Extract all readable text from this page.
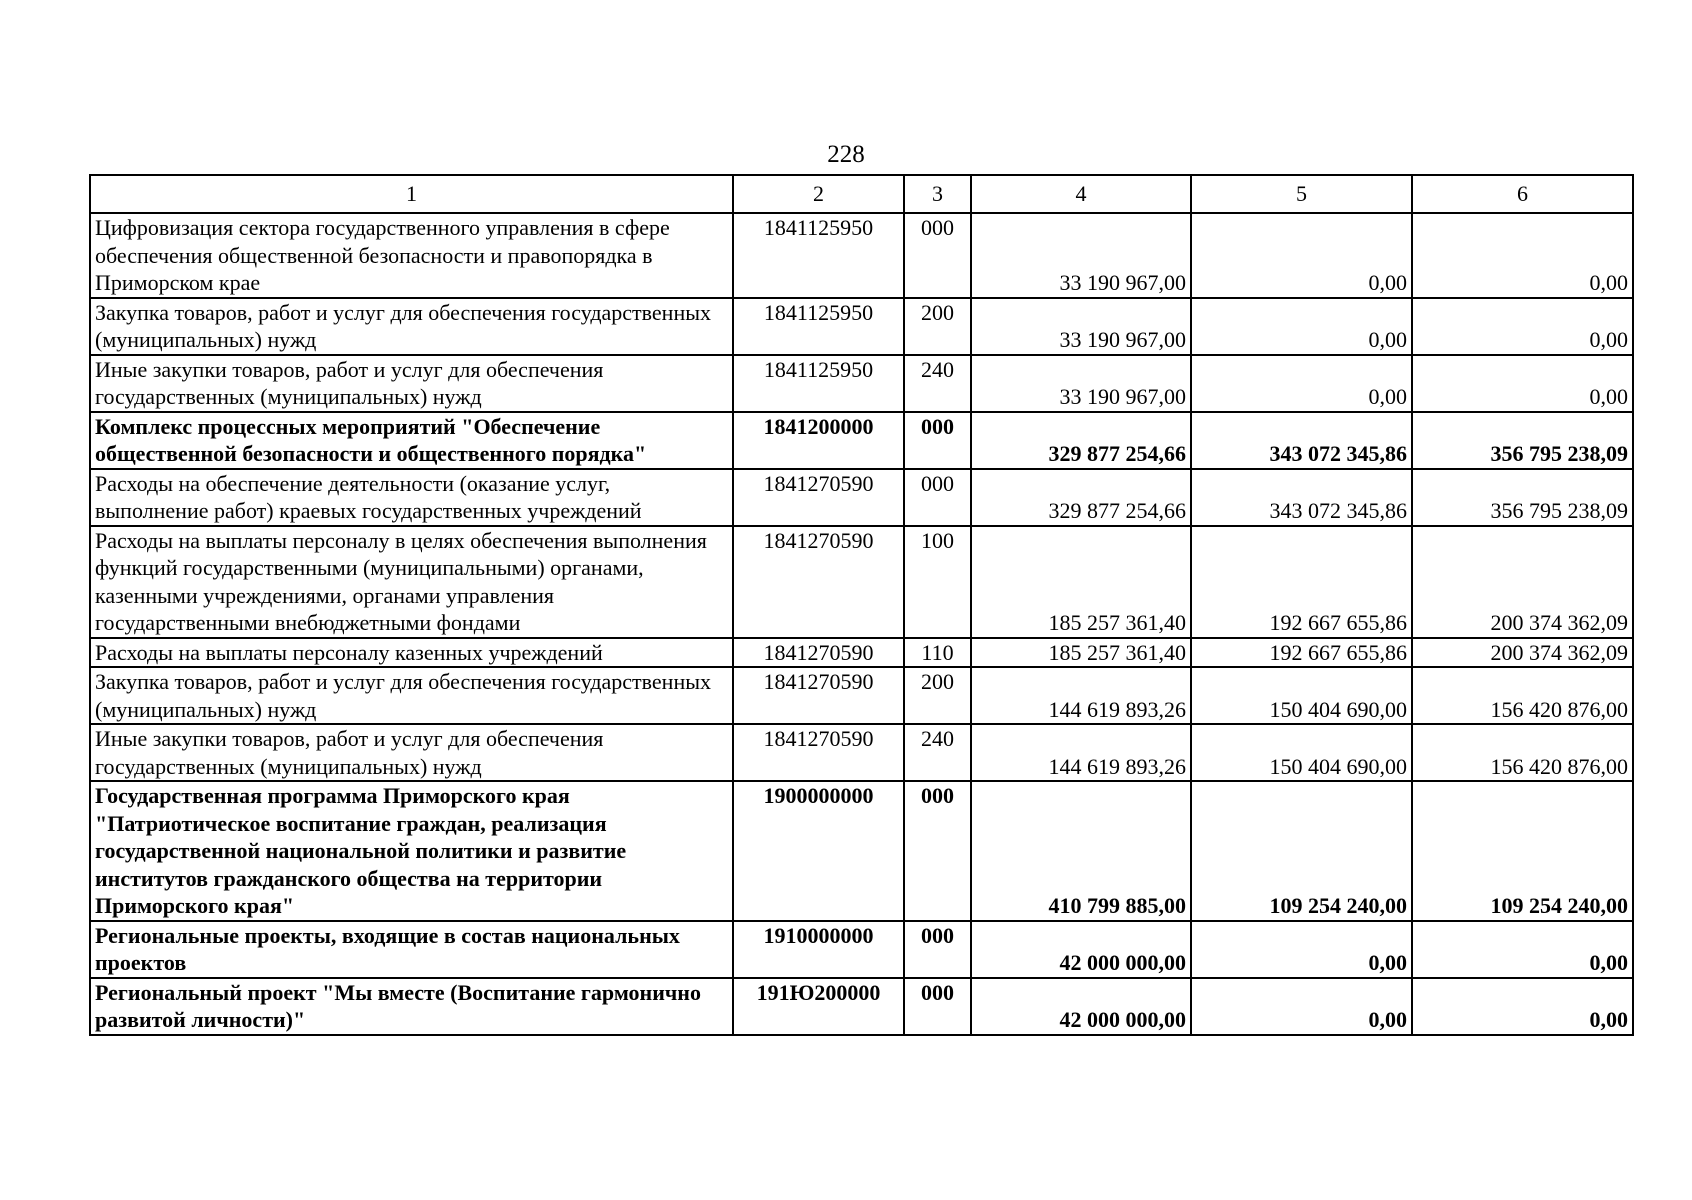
228
1	2	3	4	5	6
Цифровизация сектора государственного управления в сфере обеспечения общественной безопасности и правопорядка в Приморском крае	1841125950	000	33 190 967,00	0,00	0,00
Закупка товаров, работ и услуг для обеспечения государственных (муниципальных) нужд	1841125950	200	33 190 967,00	0,00	0,00
Иные закупки товаров, работ и услуг для обеспечения государственных (муниципальных) нужд	1841125950	240	33 190 967,00	0,00	0,00
Комплекс процессных мероприятий "Обеспечение общественной безопасности и общественного порядка"	1841200000	000	329 877 254,66	343 072 345,86	356 795 238,09
Расходы на обеспечение деятельности (оказание услуг, выполнение работ) краевых государственных учреждений	1841270590	000	329 877 254,66	343 072 345,86	356 795 238,09
Расходы на выплаты персоналу в целях обеспечения выполнения функций государственными (муниципальными) органами, казенными учреждениями, органами управления государственными внебюджетными фондами	1841270590	100	185 257 361,40	192 667 655,86	200 374 362,09
Расходы на выплаты персоналу казенных учреждений	1841270590	110	185 257 361,40	192 667 655,86	200 374 362,09
Закупка товаров, работ и услуг для обеспечения государственных (муниципальных) нужд	1841270590	200	144 619 893,26	150 404 690,00	156 420 876,00
Иные закупки товаров, работ и услуг для обеспечения государственных (муниципальных) нужд	1841270590	240	144 619 893,26	150 404 690,00	156 420 876,00
Государственная программа Приморского края "Патриотическое воспитание граждан, реализация государственной национальной политики и развитие институтов гражданского общества на территории Приморского края"	1900000000	000	410 799 885,00	109 254 240,00	109 254 240,00
Региональные проекты, входящие в состав национальных проектов	1910000000	000	42 000 000,00	0,00	0,00
Региональный проект "Мы вместе (Воспитание гармонично развитой личности)"	191Ю200000	000	42 000 000,00	0,00	0,00
